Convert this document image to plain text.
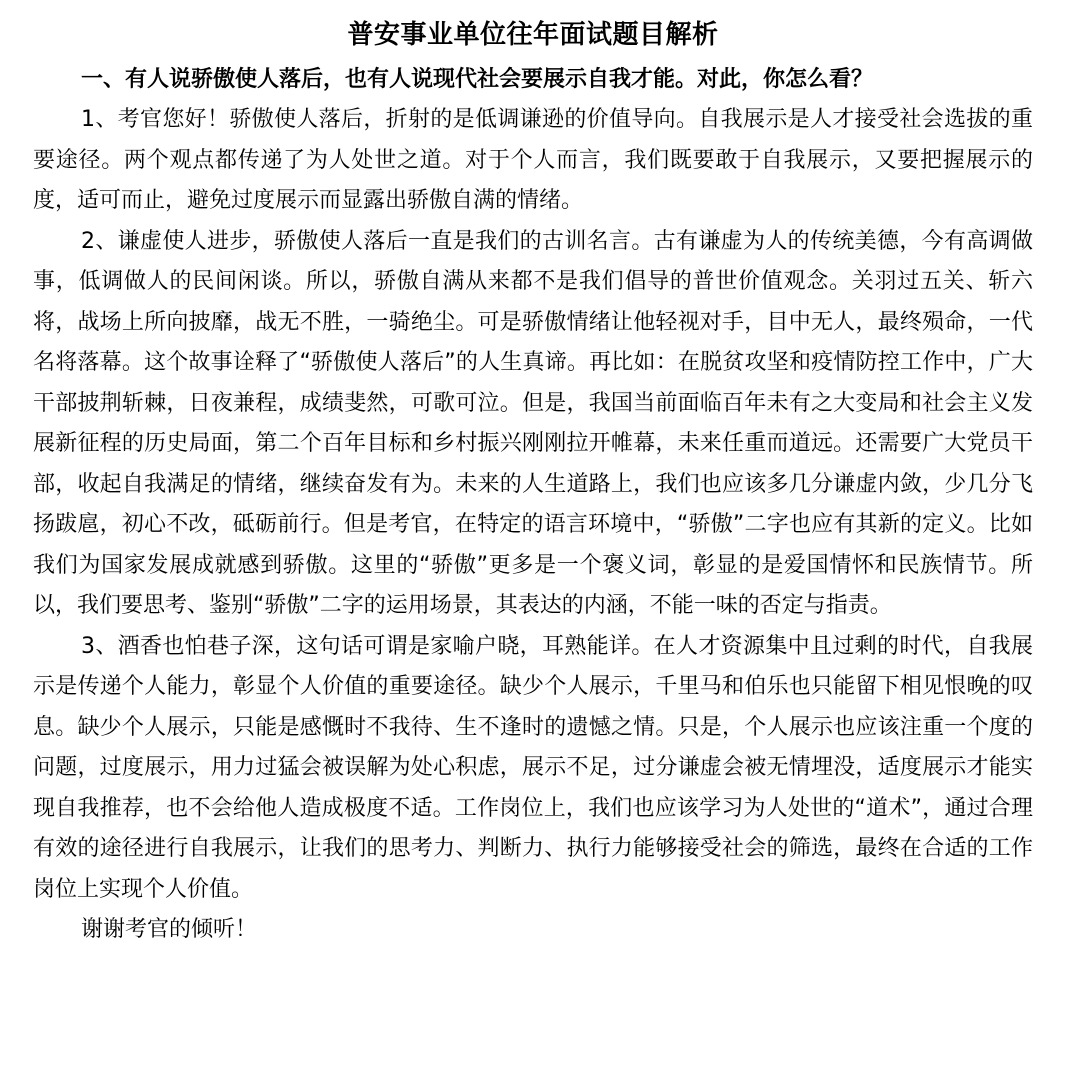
普安事业单位往年面试题目解析

一、有人说骄傲使人落后，也有人说现代社会要展示自我才能。对此，你怎么看？

1、考官您好！骄傲使人落后，折射的是低调谦逊的价值导向。自我展示是人才接受社会选拔的重要途径。两个观点都传递了为人处世之道。对于个人而言，我们既要敢于自我展示，又要把握展示的度，适可而止，避免过度展示而显露出骄傲自满的情绪。

2、谦虚使人进步，骄傲使人落后一直是我们的古训名言。古有谦虚为人的传统美德，今有高调做事，低调做人的民间闲谈。所以，骄傲自满从来都不是我们倡导的普世价值观念。关羽过五关、斩六将，战场上所向披靡，战无不胜，一骑绝尘。可是骄傲情绪让他轻视对手，目中无人，最终殒命，一代名将落幕。这个故事诠释了“骄傲使人落后”的人生真谛。再比如：在脱贫攻坚和疫情防控工作中，广大干部披荆斩棘，日夜兼程，成绩斐然，可歌可泣。但是，我国当前面临百年未有之大变局和社会主义发展新征程的历史局面，第二个百年目标和乡村振兴刚刚拉开帷幕，未来任重而道远。还需要广大党员干部，收起自我满足的情绪，继续奋发有为。未来的人生道路上，我们也应该多几分谦虚内敛，少几分飞扬跋扈，初心不改，砥砺前行。但是考官，在特定的语言环境中，“骄傲”二字也应有其新的定义。比如我们为国家发展成就感到骄傲。这里的“骄傲”更多是一个褒义词，彰显的是爱国情怀和民族情节。所以，我们要思考、鉴别“骄傲”二字的运用场景，其表达的内涵，不能一味的否定与指责。

3、酒香也怕巷子深，这句话可谓是家喻户晓，耳熟能详。在人才资源集中且过剩的时代，自我展示是传递个人能力，彰显个人价值的重要途径。缺少个人展示，千里马和伯乐也只能留下相见恨晚的叹息。缺少个人展示，只能是感慨时不我待、生不逢时的遗憾之情。只是，个人展示也应该注重一个度的问题，过度展示，用力过猛会被误解为处心积虑，展示不足，过分谦虚会被无情埋没，适度展示才能实现自我推荐，也不会给他人造成极度不适。工作岗位上，我们也应该学习为人处世的“道术”，通过合理有效的途径进行自我展示，让我们的思考力、判断力、执行力能够接受社会的筛选，最终在合适的工作岗位上实现个人价值。

谢谢考官的倾听！
